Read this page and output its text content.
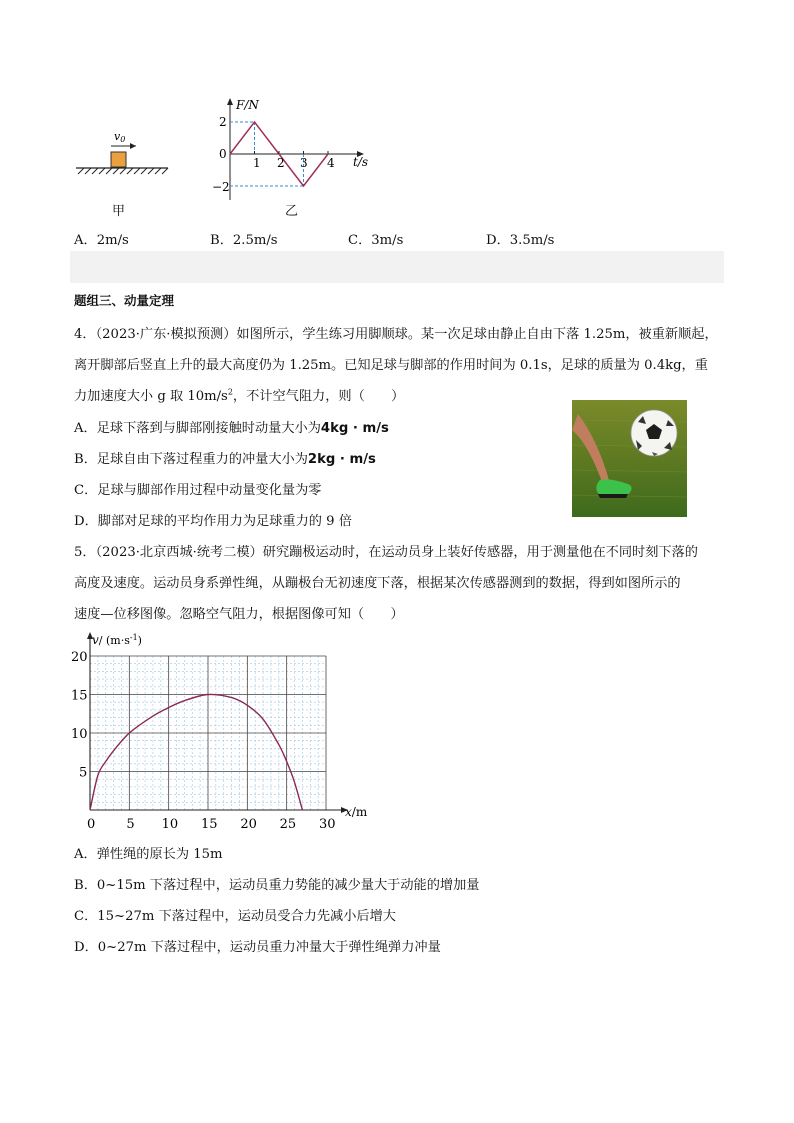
v0
甲
F/N
t/s
2
0
−2
1 2 3 4
乙
A．2m/s	B．2.5m/s	C．3m/s	D．3.5m/s
题组三、动量定理
4．（2023·广东·模拟预测）如图所示，学生练习用脚顺球。某一次足球由静止自由下落 1.25m，被重新顺起，
离开脚部后竖直上升的最大高度仍为 1.25m。已知足球与脚部的作用时间为 0.1s，足球的质量为 0.4kg，重
力加速度大小 g 取 $10m/s^2$，不计空气阻力，则（　　）
A．足球下落到与脚部刚接触时动量大小为4kg · m/s
B．足球自由下落过程重力的冲量大小为2kg · m/s
C．足球与脚部作用过程中动量变化量为零
D．脚部对足球的平均作用力为足球重力的 9 倍
5．（2023·北京西城·统考二模）研究蹦极运动时，在运动员身上装好传感器，用于测量他在不同时刻下落的
高度及速度。运动员身系弹性绳，从蹦极台无初速度下落，根据某次传感器测到的数据，得到如图所示的
速度—位移图像。忽略空气阻力，根据图像可知（　　）
0 5 10 15 20 25 30
5
10
15
20
v/ $(m\cdot s^{-1})$
x/m
A．弹性绳的原长为 15m
B．0~15m 下落过程中，运动员重力势能的减少量大于动能的增加量
C．15~27m 下落过程中，运动员受合力先减小后增大
D．0~27m 下落过程中，运动员重力冲量大于弹性绳弹力冲量
